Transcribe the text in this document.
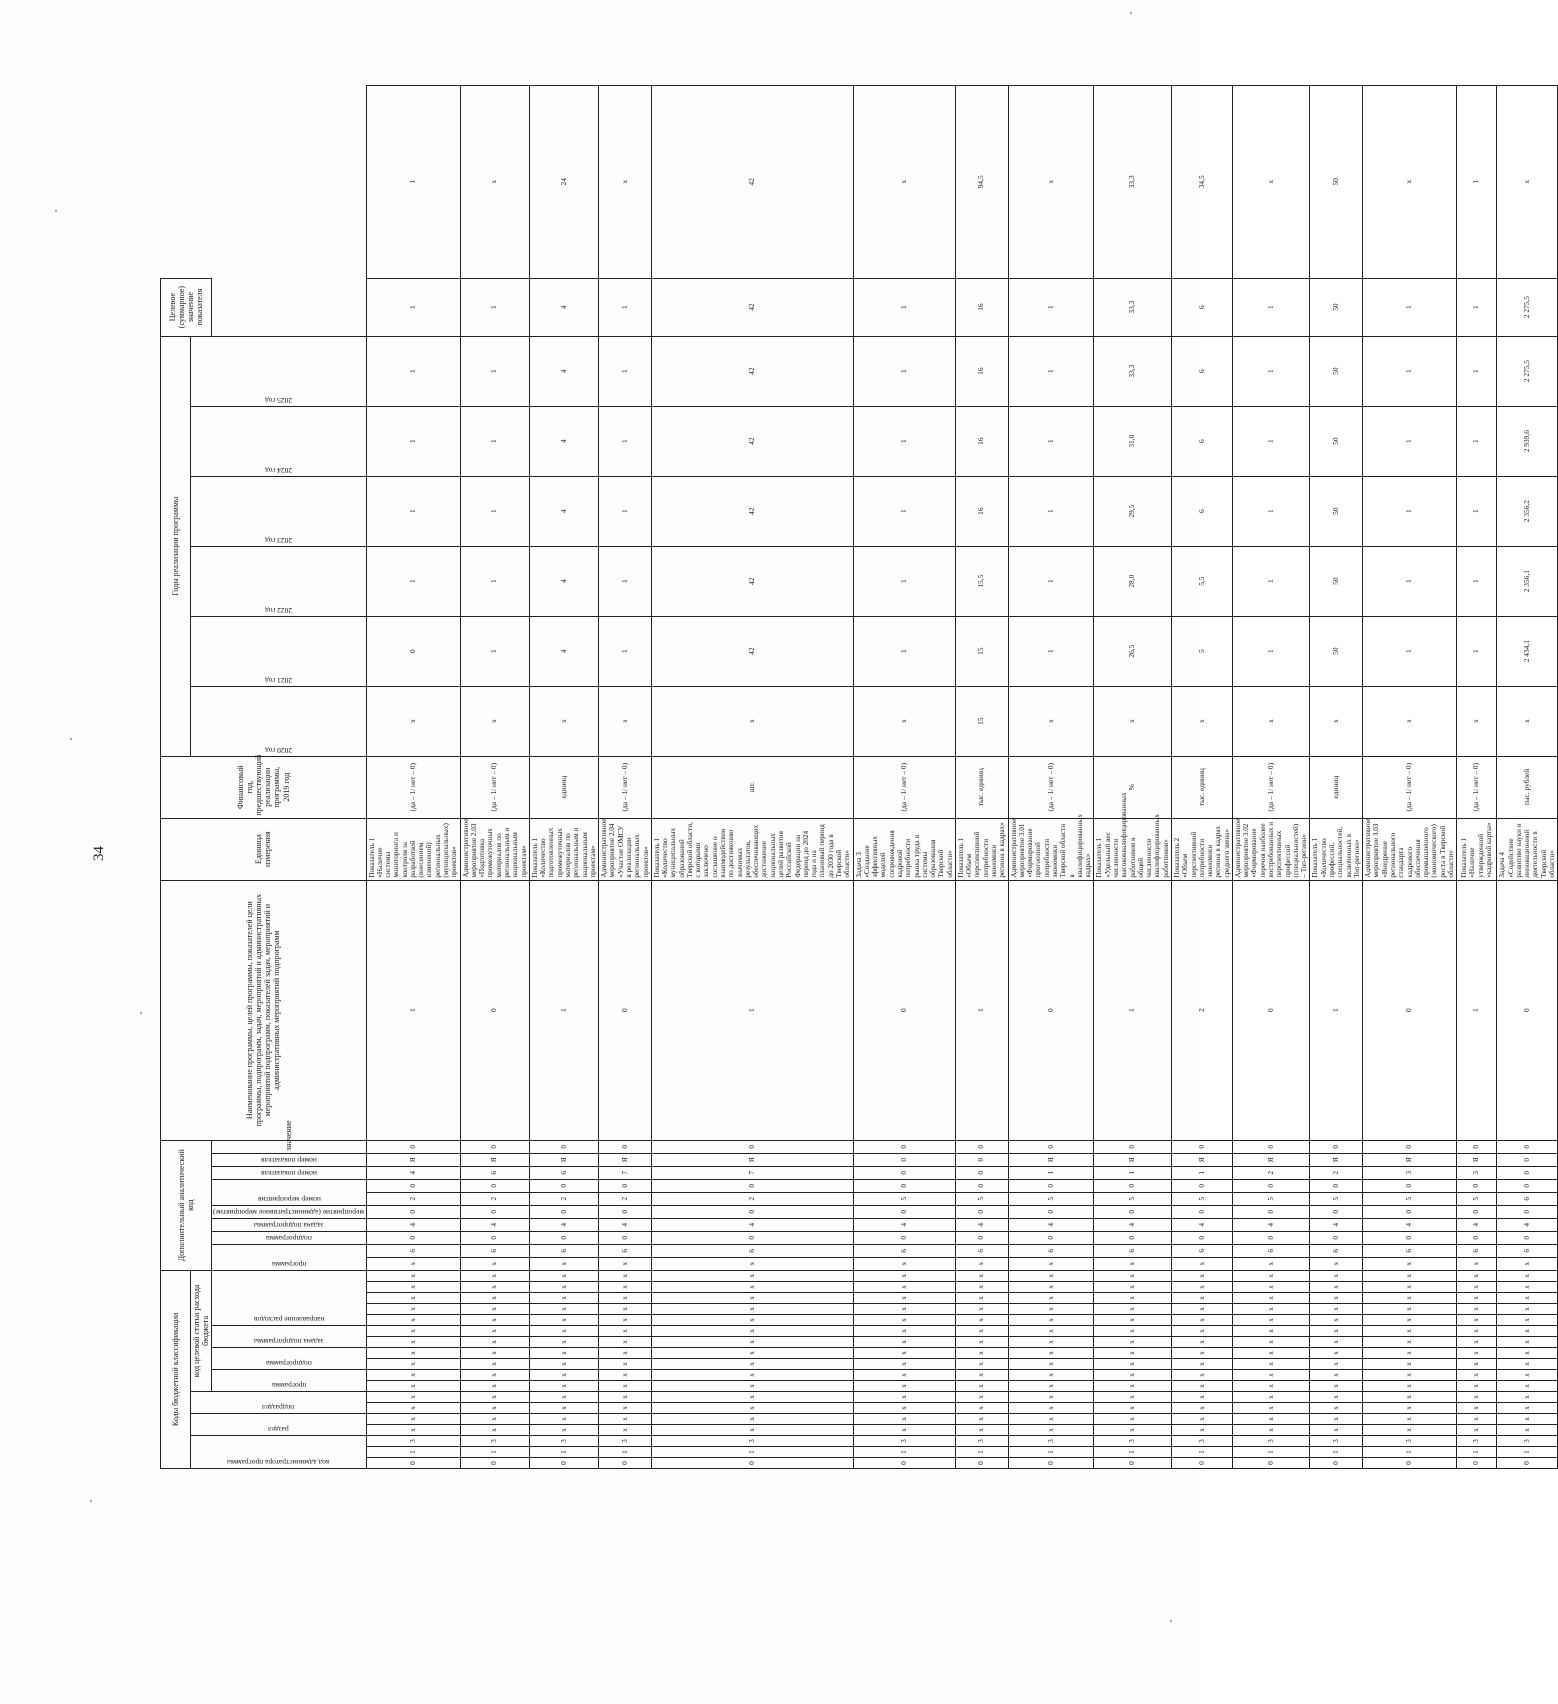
34
Коды бюджетной классификации																		Дополнительный аналитический код										Наименование программы, целей программы, показателей цели программы, подпрограмм, задач, мероприятий и административных мероприятий подпрограмм, показателей задач, мероприятий и административных мероприятий подпрограмм	Единица измерения	Финансовый год, предшествующий реализации программы, 2019 год	Годы реализации программы						Целевое (суммарное) значение показателя	

код администратора программы			раздел		подраздел		код целевой статьи расхода бюджета																								2020 год	2021 год	2022 год	2023 год	2024 год	2025 год		

							программа		подпрограмма		задача подпрограммы		направление расходов					программа		подпрограмма	задача подпрограммы	мероприятие (административное мероприятие)	номер мероприятия		номер показателя	номер показателя	значение											
0	1	3	x	x	x	x	x	x	x	x	x	x	x	x	x	x	x	x	6	0	4	0	2	0	4	Я	0	1	Показатель 1 «Наличие системы мониторинга и контроля за разработкой (внесением изменений) региональных (муниципальных) проектов»	(да – 1/ нет – 0)	x	0	1	1	1	1	1	1
0	1	3	x	x	x	x	x	x	x	x	x	x	x	x	x	x	x	x	6	0	4	0	2	0	6	Я	0	0	Административное мероприятие 2.03 «Подготовка промежуточных материалов по региональным и национальным проектам»	(да – 1/ нет – 0)	x	1	1	1	1	1	1	x
0	1	3	x	x	x	x	x	x	x	x	x	x	x	x	x	x	x	x	6	0	4	0	2	0	6	Я	0	1	Показатель 1 «Количество подготовленных промежуточных материалов по региональным и национальным проектам»	единиц	x	4	4	4	4	4	4	24
0	1	3	x	x	x	x	x	x	x	x	x	x	x	x	x	x	x	x	6	0	4	0	2	0	7	Я	0	0	Административное мероприятие 2.04 «Участие ОМСУ в реализации региональных проектов»	(да – 1/ нет – 0)	x	1	1	1	1	1	1	x
0	1	3	x	x	x	x	x	x	x	x	x	x	x	x	x	x	x	x	6	0	4	0	2	0	7	Я	0	1	Показатель 1 «Количество муниципальных образований Тверской области, с которыми заключено соглашение о взаимодействии по достижению значимых результатов, обеспечивающих достижение национальных целей развития Российской Федерации на период до 2024 года и на плановый период до 2030 года в Тверской области»	шт.	x	42	42	42	42	42	42	42
0	1	3	x	x	x	x	x	x	x	x	x	x	x	x	x	x	x	x	6	0	4	0	5	0	0	0	0	0	Задача 3 «Создание эффективных моделей сопровождения кадровой потребности рынка труда и системы образования Тверской области»	(да – 1/ нет – 0)	x	1	1	1	1	1	1	x
0	1	3	x	x	x	x	x	x	x	x	x	x	x	x	x	x	x	x	6	0	4	0	5	0	0	0	0	1	Показатель 1 «Объем перспективной потребности экономики региона в кадрах»	тыс. единиц	15	15	15,5	16	16	16	16	94,5
0	1	3	x	x	x	x	x	x	x	x	x	x	x	x	x	x	x	x	6	0	4	0	5	0	1	Я	0	0	Административное мероприятие 3.01 «Формирование прогнозной потребности экономики Тверской области в квалифицированных кадрах»	(да – 1/ нет – 0)	x	1	1	1	1	1	1	x
0	1	3	x	x	x	x	x	x	x	x	x	x	x	x	x	x	x	x	6	0	4	0	5	0	1	Я	0	1	Показатель 1 «Удельный вес численности высококвалифицированных работников в общей численности квалифицированных работников»	%	x	26,5	28,0	29,5	31,0	33,3	33,3	33,3
0	1	3	x	x	x	x	x	x	x	x	x	x	x	x	x	x	x	x	6	0	4	0	5	0	1	Я	0	2	Показатель 2 «Объем перспективной потребности экономики региона в кадрах среднего звена»	тыс. единиц	x	5	5,5	6	6	6	6	34,5
0	1	3	x	x	x	x	x	x	x	x	x	x	x	x	x	x	x	x	6	0	4	0	5	0	2	Я	0	0	Административное мероприятие 3.02 «Формирование перечня наиболее востребованных и перспективных профессий (специальностей) – Топ-регион»	(да – 1/ нет – 0)	x	1	1	1	1	1	1	x
0	1	3	x	x	x	x	x	x	x	x	x	x	x	x	x	x	x	x	6	0	4	0	5	0	2	Я	0	1	Показатель 1 «Количество профессий, специальностей, включенных в Топ-регион»	единиц	x	50	50	50	50	50	50	50
0	1	3	x	x	x	x	x	x	x	x	x	x	x	x	x	x	x	x	6	0	4	0	5	0	3	Я	0	0	Административное мероприятие 3.03 «Внедрение регионального стандарта кадрового обеспечения промышленного (экономического) роста в Тверской области»	(да – 1/ нет – 0)	x	1	1	1	1	1	1	x
0	1	3	x	x	x	x	x	x	x	x	x	x	x	x	x	x	x	x	6	0	4	0	5	0	3	Я	0	1	Показатель 1 «Наличие утвержденной «кадровой карты»	(да – 1/ нет – 0)	x	1	1	1	1	1	1	1
0	1	3	x	x	x	x	x	x	x	x	x	x	x	x	x	x	x	x	6	0	4	0	6	0	0	0	0	0	Задача 4 «Содействие развитию науки и инновационной деятельности в Тверской области»	тыс. рублей	x	2 434,1	2 356,1	2 356,2	2 939,6	2 275,5	2 275,5	x
